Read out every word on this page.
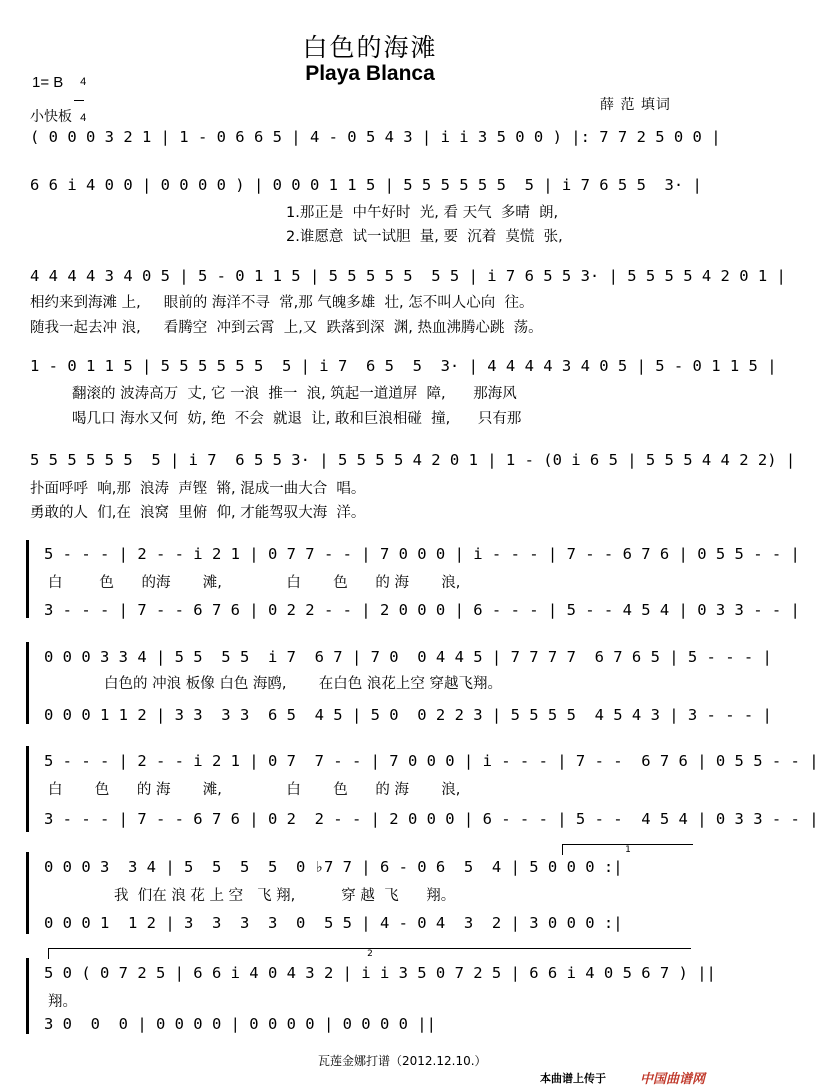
白色的海滩
Playa Blanca
1= B	4

4

小快板
薛 范 填词
( 0 0 0 3 2 1 | 1 - 0 6 6 5 | 4 - 0 5 4 3 | i i 3 5 0 0 ) |: 7 7 2 5 0 0 |
6 6 i 4 0 0 | 0 0 0 0 ) | 0 0 0 1 1 5 | 5 5 5 5 5 5  5 | i 7 6 5 5  3· |
1.那正是  中午好时  光, 看 天气  多晴  朗,
2.谁愿意  试一试胆  量, 要  沉着  莫慌  张,
4 4 4 4 3 4 0 5 | 5 - 0 1 1 5 | 5 5 5 5 5  5 5 | i 7 6 5 5 3· | 5 5 5 5 4 2 0 1 |
相约来到海滩 上,     眼前的 海洋不寻  常,那 气魄多雄  壮, 怎不叫人心向  往。
随我一起去冲 浪,     看腾空  冲到云霄  上,又  跌落到深  渊, 热血沸腾心跳  荡。
1 - 0 1 1 5 | 5 5 5 5 5 5  5 | i 7  6 5  5  3· | 4 4 4 4 3 4 0 5 | 5 - 0 1 1 5 |
翻滚的 波涛高万  丈, 它 一浪  推一  浪, 筑起一道道屏  障,      那海风
喝几口 海水又何  妨, 绝  不会  就退  让, 敢和巨浪相碰  撞,      只有那
5 5 5 5 5 5  5 | i 7  6 5 5 3· | 5 5 5 5 4 2 0 1 | 1 - (0 i 6 5 | 5 5 5 4 4 2 2) |
扑面呼呼  响,那  浪涛  声铿  锵, 混成一曲大合  唱。
勇敢的人  们,在  浪窝  里俯  仰, 才能驾驭大海  洋。
5 - - - | 2 - - i 2 1 | 0 7 7 - - | 7 0 0 0 | i - - - | 7 - - 6 7 6 | 0 5 5 - - |
白        色      的海       滩,              白       色      的 海       浪,
3 - - - | 7 - - 6 7 6 | 0 2 2 - - | 2 0 0 0 | 6 - - - | 5 - - 4 5 4 | 0 3 3 - - |
0 0 0 3 3 4 | 5 5  5 5  i 7  6 7 | 7 0  0 4 4 5 | 7 7 7 7  6 7 6 5 | 5 - - - |
白色的 冲浪 板像 白色 海鸥,       在白色 浪花上空 穿越飞翔。
0 0 0 1 1 2 | 3 3  3 3  6 5  4 5 | 5 0  0 2 2 3 | 5 5 5 5  4 5 4 3 | 3 - - - |
5 - - - | 2 - - i 2 1 | 0 7  7 - - | 7 0 0 0 | i - - - | 7 - -  6 7 6 | 0 5 5 - - |
白       色      的 海       滩,              白       色      的 海       浪,
3 - - - | 7 - - 6 7 6 | 0 2  2 - - | 2 0 0 0 | 6 - - - | 5 - -  4 5 4 | 0 3 3 - - |
1
0 0 0 3  3 4 | 5  5  5  5  0 ♭7 7 | 6 - 0 6  5  4 | 5 0 0 0 :|
我  们在 浪 花 上 空   飞 翔,          穿 越  飞      翔。
0 0 0 1  1 2 | 3  3  3  3  0  5 5 | 4 - 0 4  3  2 | 3 0 0 0 :|
2
5 0 ( 0 7 2 5 | 6 6 i 4 0 4 3 2 | i i 3 5 0 7 2 5 | 6 6 i 4 0 5 6 7 ) ||
翔。
3 0  0  0 | 0 0 0 0 | 0 0 0 0 | 0 0 0 0 ||
瓦莲金娜打谱（2012.12.10.）
本曲谱上传于	中国曲谱网
